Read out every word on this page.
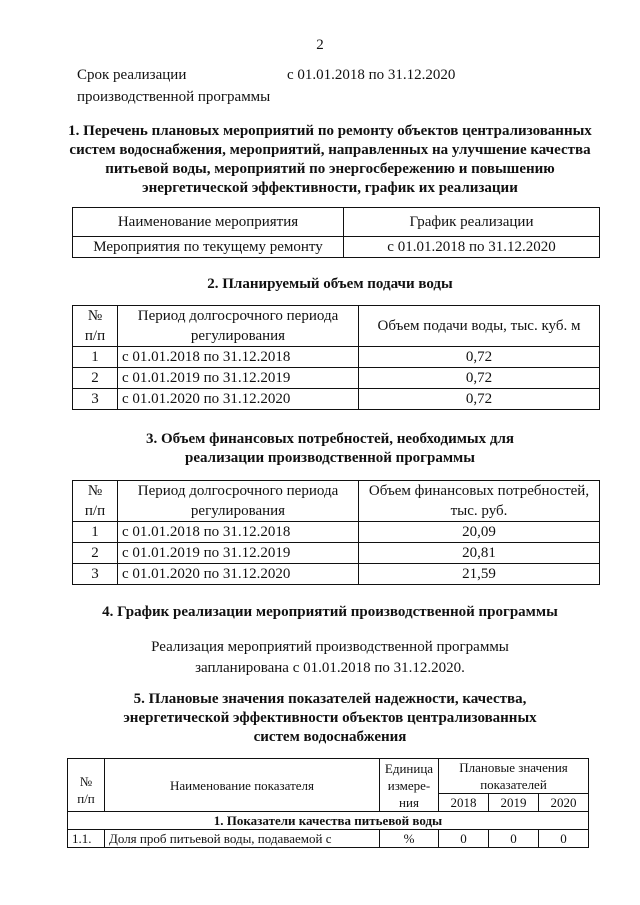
2
Срок реализации
производственной программы
с 01.01.2018 по 31.12.2020
1. Перечень плановых мероприятий по ремонту объектов централизованных систем водоснабжения, мероприятий, направленных на улучшение качества питьевой воды, мероприятий по энергосбережению и повышению энергетической эффективности, график их реализации
Наименование мероприятия	График реализации
Мероприятия по текущему ремонту	с 01.01.2018 по 31.12.2020
2. Планируемый объем подачи воды
№ п/п	Период долгосрочного периода регулирования	Объем подачи воды, тыс. куб. м
1	с 01.01.2018 по 31.12.2018	0,72
2	с 01.01.2019 по 31.12.2019	0,72
3	с 01.01.2020 по 31.12.2020	0,72
3. Объем финансовых потребностей, необходимых для
реализации производственной программы
№ п/п	Период долгосрочного периода регулирования	Объем финансовых потребностей, тыс. руб.
1	с 01.01.2018 по 31.12.2018	20,09
2	с 01.01.2019 по 31.12.2019	20,81
3	с 01.01.2020 по 31.12.2020	21,59
4. График реализации мероприятий производственной программы
Реализация мероприятий производственной программы
запланирована с 01.01.2018 по 31.12.2020.
5. Плановые значения показателей надежности, качества,
энергетической эффективности объектов централизованных
систем водоснабжения
№ п/п	Наименование показателя	Единица измере-ния	Плановые значения показателей		
			2018	2019	2020
1. Показатели качества питьевой воды					
1.1.	Доля проб питьевой воды, подаваемой с	%	0	0	0
